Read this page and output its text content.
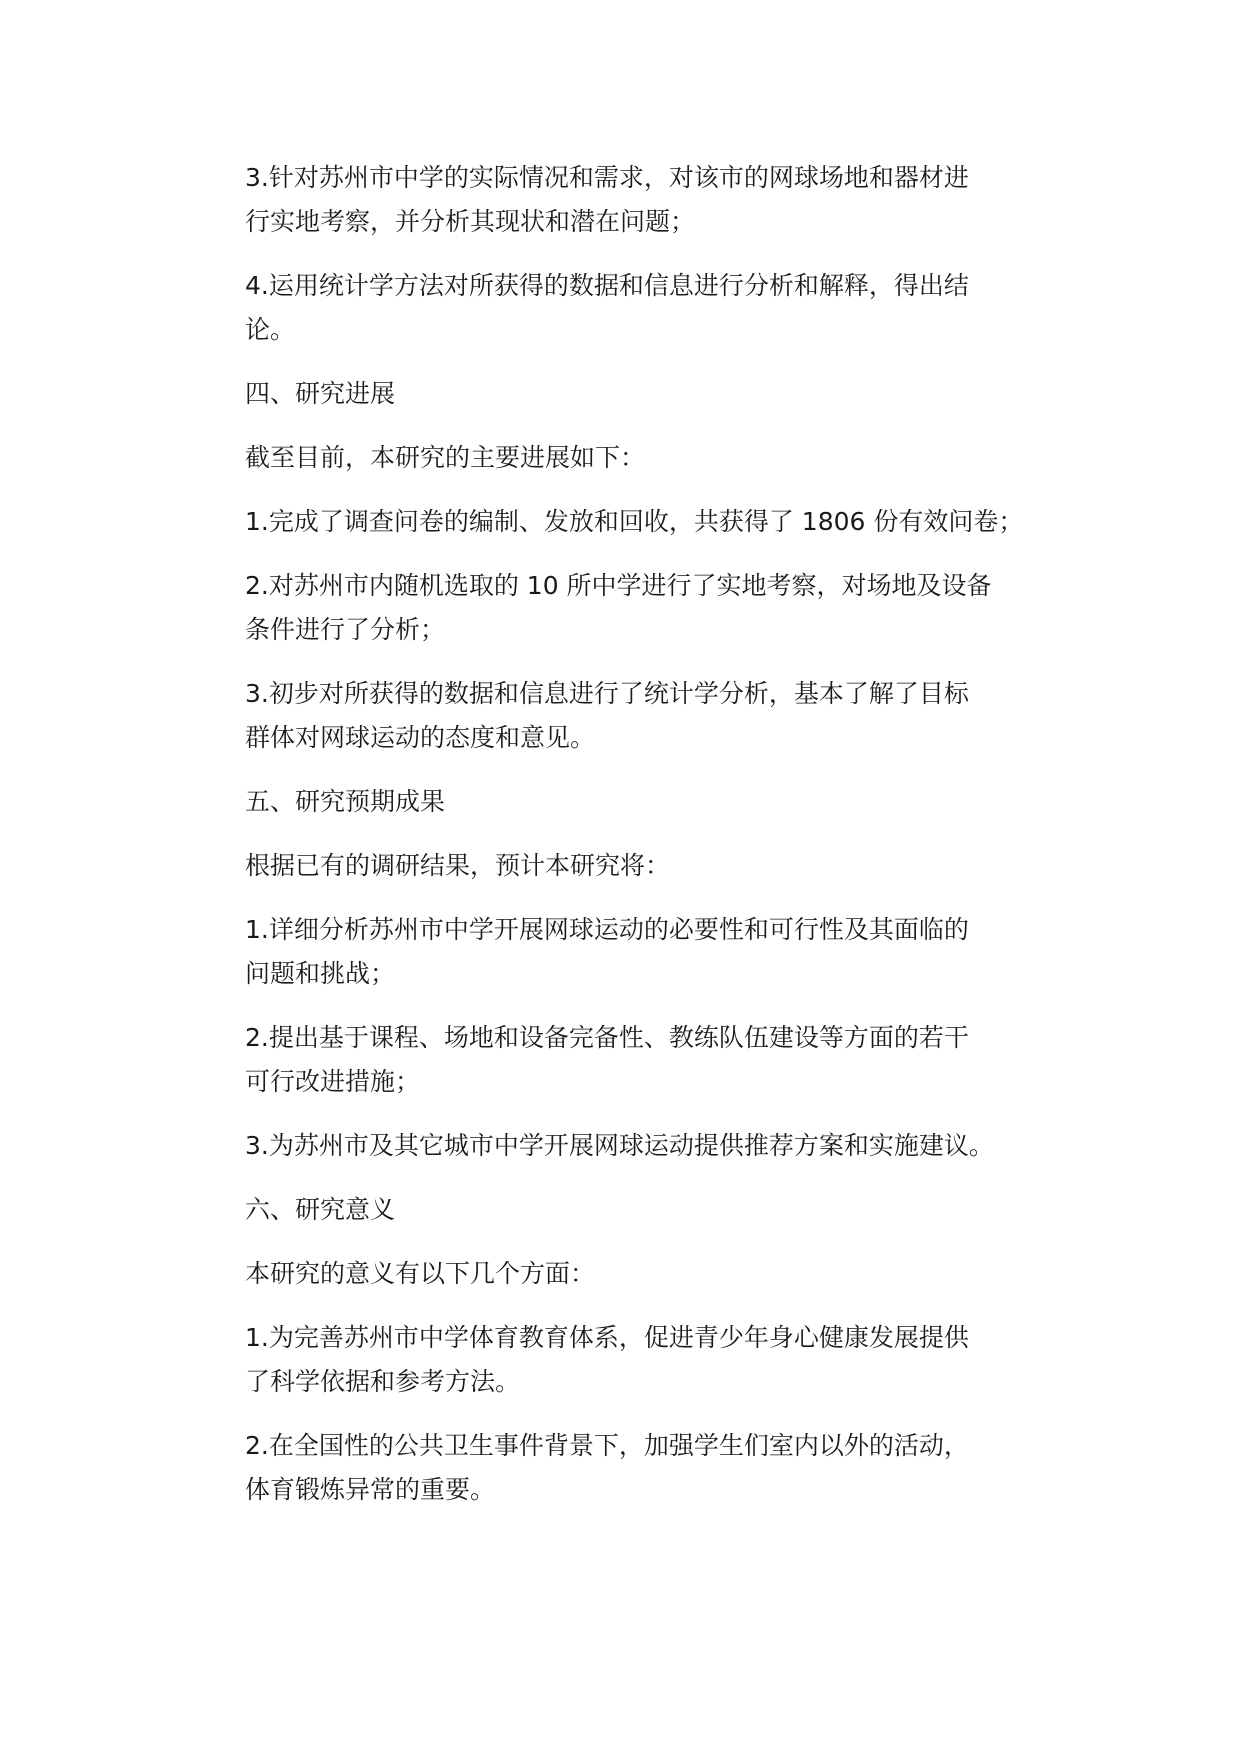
3.针对苏州市中学的实际情况和需求，对该市的网球场地和器材进
行实地考察，并分析其现状和潜在问题；

4.运用统计学方法对所获得的数据和信息进行分析和解释，得出结
论。

四、研究进展

截至目前，本研究的主要进展如下：

1.完成了调查问卷的编制、发放和回收，共获得了 1806 份有效问卷；

2.对苏州市内随机选取的 10 所中学进行了实地考察，对场地及设备
条件进行了分析；

3.初步对所获得的数据和信息进行了统计学分析，基本了解了目标
群体对网球运动的态度和意见。

五、研究预期成果

根据已有的调研结果，预计本研究将：

1.详细分析苏州市中学开展网球运动的必要性和可行性及其面临的
问题和挑战；

2.提出基于课程、场地和设备完备性、教练队伍建设等方面的若干
可行改进措施；

3.为苏州市及其它城市中学开展网球运动提供推荐方案和实施建议。

六、研究意义

本研究的意义有以下几个方面：

1.为完善苏州市中学体育教育体系，促进青少年身心健康发展提供
了科学依据和参考方法。

2.在全国性的公共卫生事件背景下，加强学生们室内以外的活动，
体育锻炼异常的重要。
